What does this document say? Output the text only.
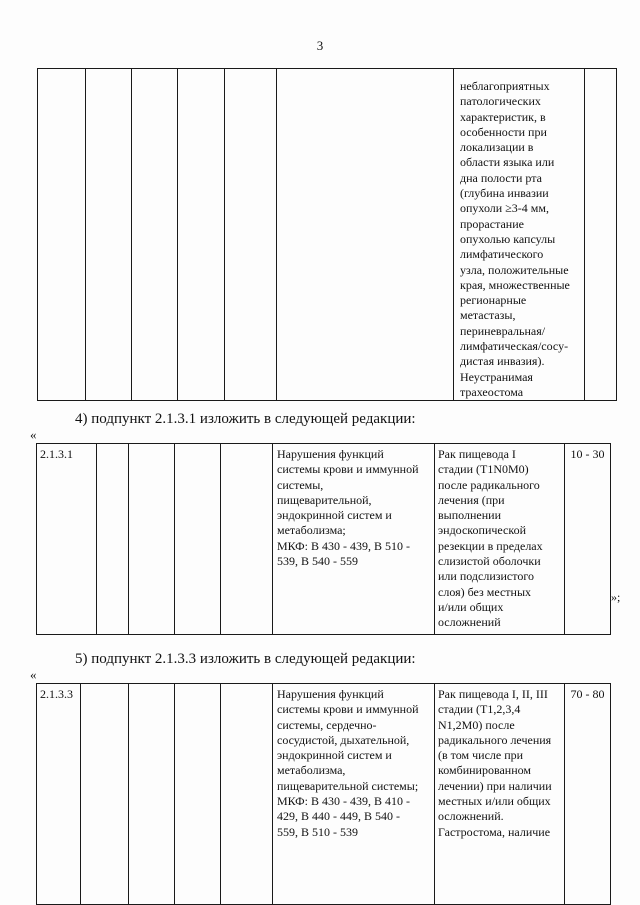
3

неблагоприятных
патологических
характеристик, в
особенности при
локализации в
области языка или
дна полости рта
(глубина инвазии
опухоли ≥3-4 мм,
прорастание
опухолью капсулы
лимфатического
узла, положительные
края, множественные
регионарные
метастазы,
периневральная/
лимфатическая/сосу-
дистая инвазия).
Неустранимая
трахеостома

4) подпункт 2.1.3.1 изложить в следующей редакции:
«
2.1.3.1					Нарушения функций
системы крови и иммунной
системы,
пищеварительной,
эндокринной систем и
метаболизма;
МКФ: B 430 - 439, B 510 -
539, B 540 - 559

Рак пищевода I
стадии (T1N0M0)
после радикального
лечения (при
выполнении
эндоскопической
резекции в пределах
слизистой оболочки
или подслизистого
слоя) без местных
и/или общих
осложнений

10 - 30
»;
5) подпункт 2.1.3.3 изложить в следующей редакции:
«
2.1.3.3					Нарушения функций
системы крови и иммунной
системы, сердечно-
сосудистой, дыхательной,
эндокринной систем и
метаболизма,
пищеварительной системы;
МКФ: B 430 - 439, B 410 -
429, B 440 - 449, B 540 -
559, B 510 - 539

Рак пищевода I, II, III
стадии (T1,2,3,4
N1,2M0) после
радикального лечения
(в том числе при
комбинированном
лечении) при наличии
местных и/или общих
осложнений.
Гастростома, наличие

70 - 80
